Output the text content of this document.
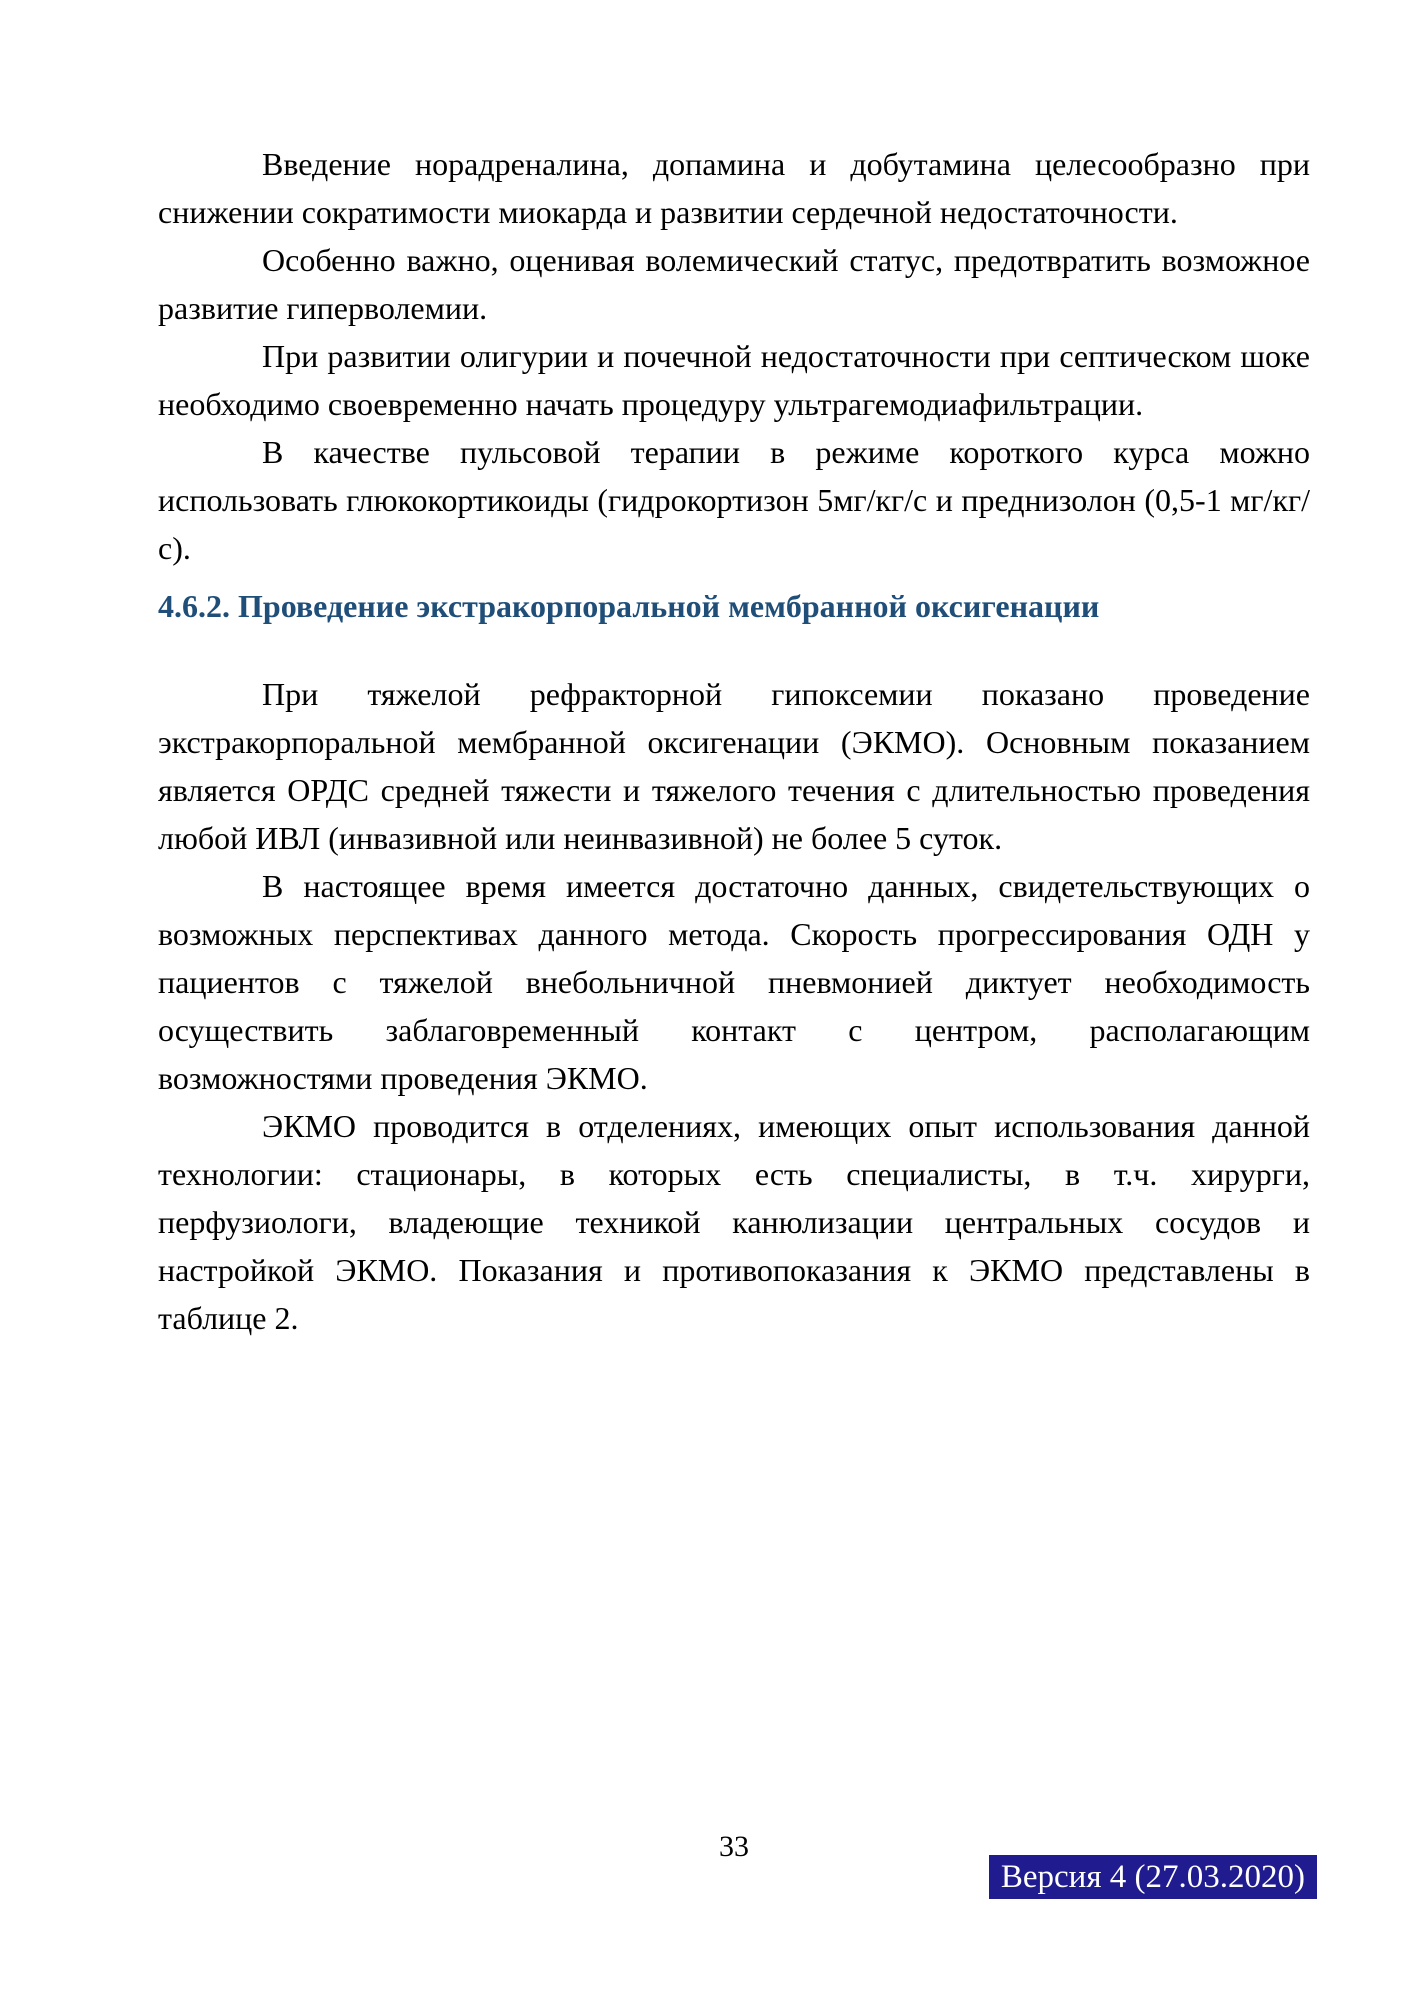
Введение норадреналина, допамина и добутамина целесообразно при снижении сократимости миокарда и развитии сердечной недостаточности.

Особенно важно, оценивая волемический статус, предотвратить возможное развитие гиперволемии.

При развитии олигурии и почечной недостаточности при септическом шоке необходимо своевременно начать процедуру ультрагемодиафильтрации.

В качестве пульсовой терапии в режиме короткого курса можно использовать глюкокортикоиды (гидрокортизон 5мг/кг/с и преднизолон (0,5-1 мг/кг/с).

4.6.2. Проведение экстракорпоральной мембранной оксигенации

При тяжелой рефракторной гипоксемии показано проведение экстракорпоральной мембранной оксигенации (ЭКМО). Основным показанием является ОРДС средней тяжести и тяжелого течения с длительностью проведения любой ИВЛ (инвазивной или неинвазивной) не более 5 суток.

В настоящее время имеется достаточно данных, свидетельствующих о возможных перспективах данного метода. Скорость прогрессирования ОДН у пациентов с тяжелой внебольничной пневмонией диктует необходимость осуществить заблаговременный контакт с центром, располагающим возможностями проведения ЭКМО.

ЭКМО проводится в отделениях, имеющих опыт использования данной технологии: стационары, в которых есть специалисты, в т.ч. хирурги, перфузиологи, владеющие техникой канюлизации центральных сосудов и настройкой ЭКМО. Показания и противопоказания к ЭКМО представлены в таблице 2.

33
Версия 4 (27.03.2020)
